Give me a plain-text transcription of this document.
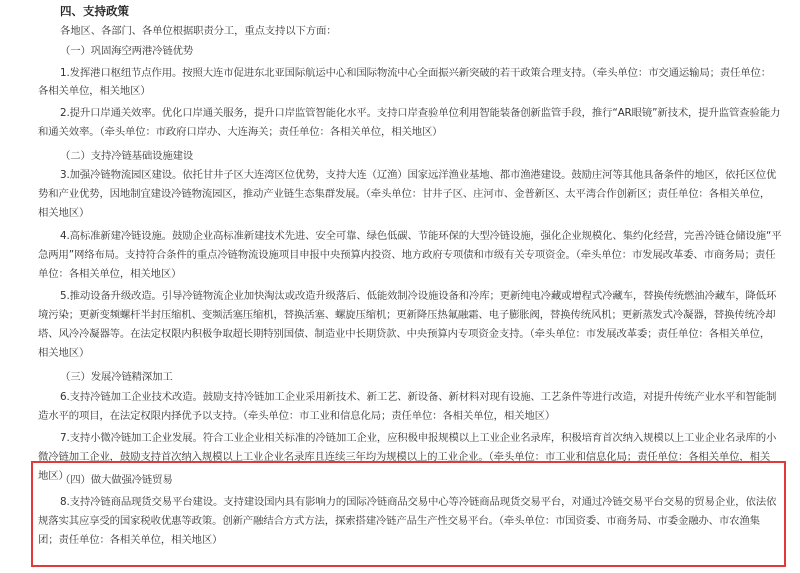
四、支持政策
各地区、各部门、各单位根据职责分工，重点支持以下方面：
（一）巩固海空两港冷链优势
1.发挥港口枢纽节点作用。按照大连市促进东北亚国际航运中心和国际物流中心全面振兴新突破的若干政策合理支持。（牵头单位：市交通运输局；责任单位：
各相关单位，相关地区）
2.提升口岸通关效率。优化口岸通关服务，提升口岸监管智能化水平。支持口岸查验单位利用智能装备创新监管手段，推行“AR眼镜”新技术，提升监管查验能力
和通关效率。（牵头单位：市政府口岸办、大连海关；责任单位：各相关单位，相关地区）
（二）支持冷链基础设施建设
3.加强冷链物流园区建设。依托甘井子区大连湾区位优势，支持大连（辽渔）国家远洋渔业基地、都市渔港建设。鼓励庄河等其他具备条件的地区，依托区位优
势和产业优势，因地制宜建设冷链物流园区，推动产业链生态集群发展。（牵头单位：甘井子区、庄河市、金普新区、太平湾合作创新区；责任单位：各相关单位，
相关地区）
4.高标准新建冷链设施。鼓励企业高标准新建技术先进、安全可靠、绿色低碳、节能环保的大型冷链设施，强化企业规模化、集约化经营，完善冷链仓储设施“平
急两用”网络布局。支持符合条件的重点冷链物流设施项目申报中央预算内投资、地方政府专项债和市级有关专项资金。（牵头单位：市发展改革委、市商务局；责任
单位：各相关单位，相关地区）
5.推动设备升级改造。引导冷链物流企业加快淘汰或改造升级落后、低能效制冷设施设备和冷库；更新纯电冷藏或增程式冷藏车，替换传统燃油冷藏车，降低环
境污染；更新变频螺杆半封压缩机、变频活塞压缩机，替换活塞、螺旋压缩机；更新降压热氟融霜、电子膨胀阀，替换传统风机；更新蒸发式冷凝器，替换传统冷却
塔、风冷冷凝器等。在法定权限内积极争取超长期特别国债、制造业中长期贷款、中央预算内专项资金支持。（牵头单位：市发展改革委；责任单位：各相关单位，
相关地区）
（三）发展冷链精深加工
6.支持冷链加工企业技术改造。鼓励支持冷链加工企业采用新技术、新工艺、新设备、新材料对现有设施、工艺条件等进行改造，对提升传统产业水平和智能制
造水平的项目，在法定权限内择优予以支持。（牵头单位：市工业和信息化局；责任单位：各相关单位，相关地区）
7.支持小微冷链加工企业发展。符合工业企业相关标准的冷链加工企业，应积极申报规模以上工业企业名录库，积极培育首次纳入规模以上工业企业名录库的小
微冷链加工企业，鼓励支持首次纳入规模以上工业企业名录库且连续三年均为规模以上的工业企业。（牵头单位：市工业和信息化局；责任单位：各相关单位，相关
地区）
（四）做大做强冷链贸易
8.支持冷链商品现货交易平台建设。支持建设国内具有影响力的国际冷链商品交易中心等冷链商品现货交易平台，对通过冷链交易平台交易的贸易企业，依法依
规落实其应享受的国家税收优惠等政策。创新产融结合方式方法，探索搭建冷链产品生产性交易平台。（牵头单位：市国资委、市商务局、市委金融办、市农渔集
团；责任单位：各相关单位，相关地区）
